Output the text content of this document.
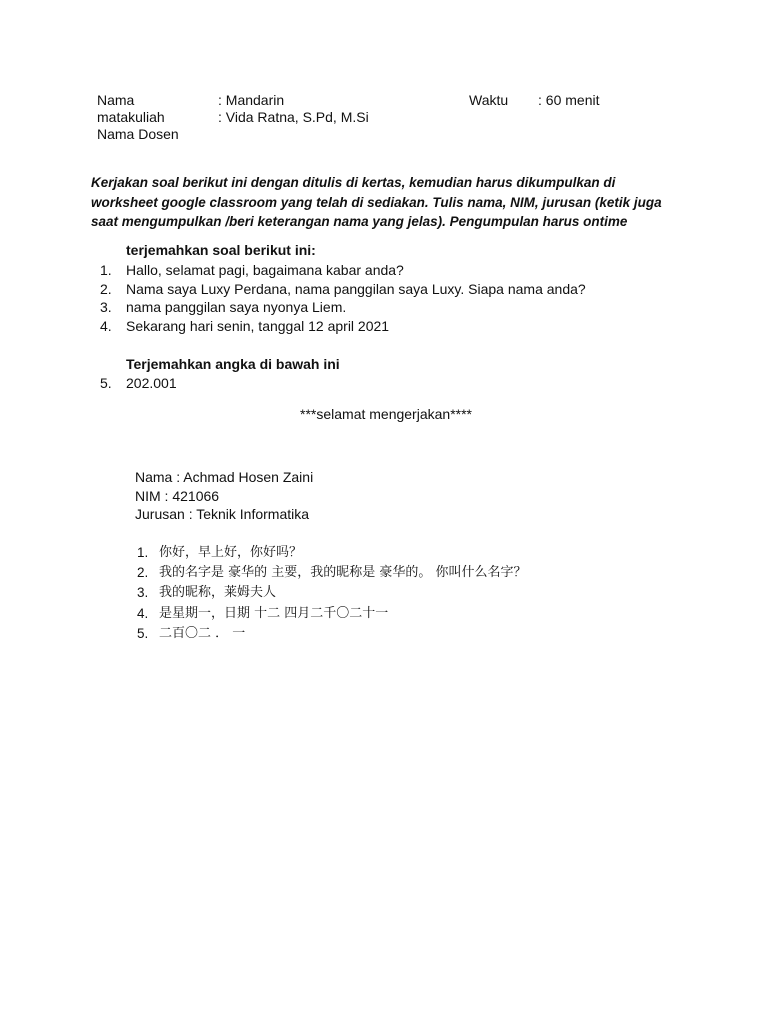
Nama	: Mandarin
matakuliah	: Vida Ratna, S.Pd, M.Si
Nama Dosen
Waktu : 60 menit
Kerjakan soal berikut ini dengan ditulis di kertas, kemudian harus dikumpulkan di
worksheet google classroom yang telah di sediakan. Tulis nama, NIM, jurusan (ketik juga
saat mengumpulkan /beri keterangan nama yang jelas). Pengumpulan harus ontime
terjemahkan soal berikut ini:
1. Hallo, selamat pagi, bagaimana kabar anda?
2. Nama saya Luxy Perdana, nama panggilan saya Luxy. Siapa nama anda?
3. nama panggilan saya nyonya Liem.
4. Sekarang hari senin, tanggal 12 april 2021
Terjemahkan angka di bawah ini
5. 202.001
***selamat mengerjakan****
Nama : Achmad Hosen Zaini
NIM : 421066
Jurusan : Teknik Informatika
1. 你好，早上好，你好吗？
2. 我的名字是 豪华的 主要，我的昵称是 豪华的。 你叫什么名字？
3. 我的昵称，莱姆夫人
4. 是星期一，日期 十二 四月二千〇二十一
5. 二百〇二 ． 一
